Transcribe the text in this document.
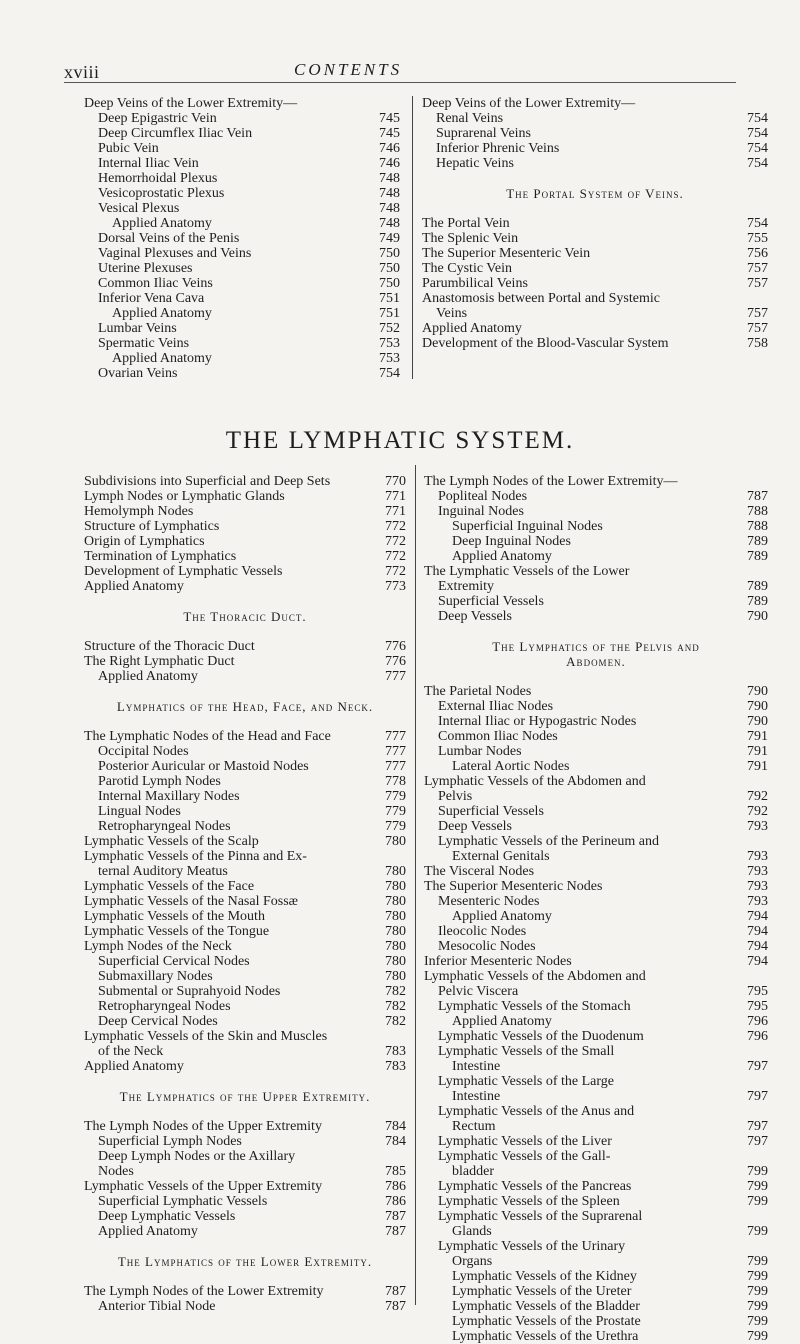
xviii	CONTENTS
Deep Veins of the Lower Extremity—
Deep Epigastric Vein	745
Deep Circumflex Iliac Vein	745
Pubic Vein	746
Internal Iliac Vein	746
Hemorrhoidal Plexus	748
Vesicoprostatic Plexus	748
Vesical Plexus	748
Applied Anatomy	748
Dorsal Veins of the Penis	749
Vaginal Plexuses and Veins	750
Uterine Plexuses	750
Common Iliac Veins	750
Inferior Vena Cava	751
Applied Anatomy	751
Lumbar Veins	752
Spermatic Veins	753
Applied Anatomy	753
Ovarian Veins	754
Deep Veins of the Lower Extremity—
Renal Veins	754
Suprarenal Veins	754
Inferior Phrenic Veins	754
Hepatic Veins	754
The Portal System of Veins.
The Portal Vein	754
The Splenic Vein	755
The Superior Mesenteric Vein	756
The Cystic Vein	757
Parumbilical Veins	757
Anastomosis between Portal and Systemic
Veins	757
Applied Anatomy	757
Development of the Blood-Vascular System	758
THE LYMPHATIC SYSTEM.
Subdivisions into Superficial and Deep Sets	770
Lymph Nodes or Lymphatic Glands	771
Hemolymph Nodes	771
Structure of Lymphatics	772
Origin of Lymphatics	772
Termination of Lymphatics	772
Development of Lymphatic Vessels	772
Applied Anatomy	773
The Thoracic Duct.
Structure of the Thoracic Duct	776
The Right Lymphatic Duct	776
Applied Anatomy	777
Lymphatics of the Head, Face, and Neck.
The Lymphatic Nodes of the Head and Face	777
Occipital Nodes	777
Posterior Auricular or Mastoid Nodes	777
Parotid Lymph Nodes	778
Internal Maxillary Nodes	779
Lingual Nodes	779
Retropharyngeal Nodes	779
Lymphatic Vessels of the Scalp	780
Lymphatic Vessels of the Pinna and Ex-
ternal Auditory Meatus	780
Lymphatic Vessels of the Face	780
Lymphatic Vessels of the Nasal Fossæ	780
Lymphatic Vessels of the Mouth	780
Lymphatic Vessels of the Tongue	780
Lymph Nodes of the Neck	780
Superficial Cervical Nodes	780
Submaxillary Nodes	780
Submental or Suprahyoid Nodes	782
Retropharyngeal Nodes	782
Deep Cervical Nodes	782
Lymphatic Vessels of the Skin and Muscles
of the Neck	783
Applied Anatomy	783
The Lymphatics of the Upper Extremity.
The Lymph Nodes of the Upper Extremity	784
Superficial Lymph Nodes	784
Deep Lymph Nodes or the Axillary
Nodes	785
Lymphatic Vessels of the Upper Extremity	786
Superficial Lymphatic Vessels	786
Deep Lymphatic Vessels	787
Applied Anatomy	787
The Lymphatics of the Lower Extremity.
The Lymph Nodes of the Lower Extremity	787
Anterior Tibial Node	787
The Lymph Nodes of the Lower Extremity—
Popliteal Nodes	787
Inguinal Nodes	788
Superficial Inguinal Nodes	788
Deep Inguinal Nodes	789
Applied Anatomy	789
The Lymphatic Vessels of the Lower
Extremity	789
Superficial Vessels	789
Deep Vessels	790
The Lymphatics of the Pelvis and
Abdomen.
The Parietal Nodes	790
External Iliac Nodes	790
Internal Iliac or Hypogastric Nodes	790
Common Iliac Nodes	791
Lumbar Nodes	791
Lateral Aortic Nodes	791
Lymphatic Vessels of the Abdomen and
Pelvis	792
Superficial Vessels	792
Deep Vessels	793
Lymphatic Vessels of the Perineum and
External Genitals	793
The Visceral Nodes	793
The Superior Mesenteric Nodes	793
Mesenteric Nodes	793
Applied Anatomy	794
Ileocolic Nodes	794
Mesocolic Nodes	794
Inferior Mesenteric Nodes	794
Lymphatic Vessels of the Abdomen and
Pelvic Viscera	795
Lymphatic Vessels of the Stomach	795
Applied Anatomy	796
Lymphatic Vessels of the Duodenum	796
Lymphatic Vessels of the Small
Intestine	797
Lymphatic Vessels of the Large
Intestine	797
Lymphatic Vessels of the Anus and
Rectum	797
Lymphatic Vessels of the Liver	797
Lymphatic Vessels of the Gall-
bladder	799
Lymphatic Vessels of the Pancreas	799
Lymphatic Vessels of the Spleen	799
Lymphatic Vessels of the Suprarenal
Glands	799
Lymphatic Vessels of the Urinary
Organs	799
Lymphatic Vessels of the Kidney	799
Lymphatic Vessels of the Ureter	799
Lymphatic Vessels of the Bladder	799
Lymphatic Vessels of the Prostate	799
Lymphatic Vessels of the Urethra	799
